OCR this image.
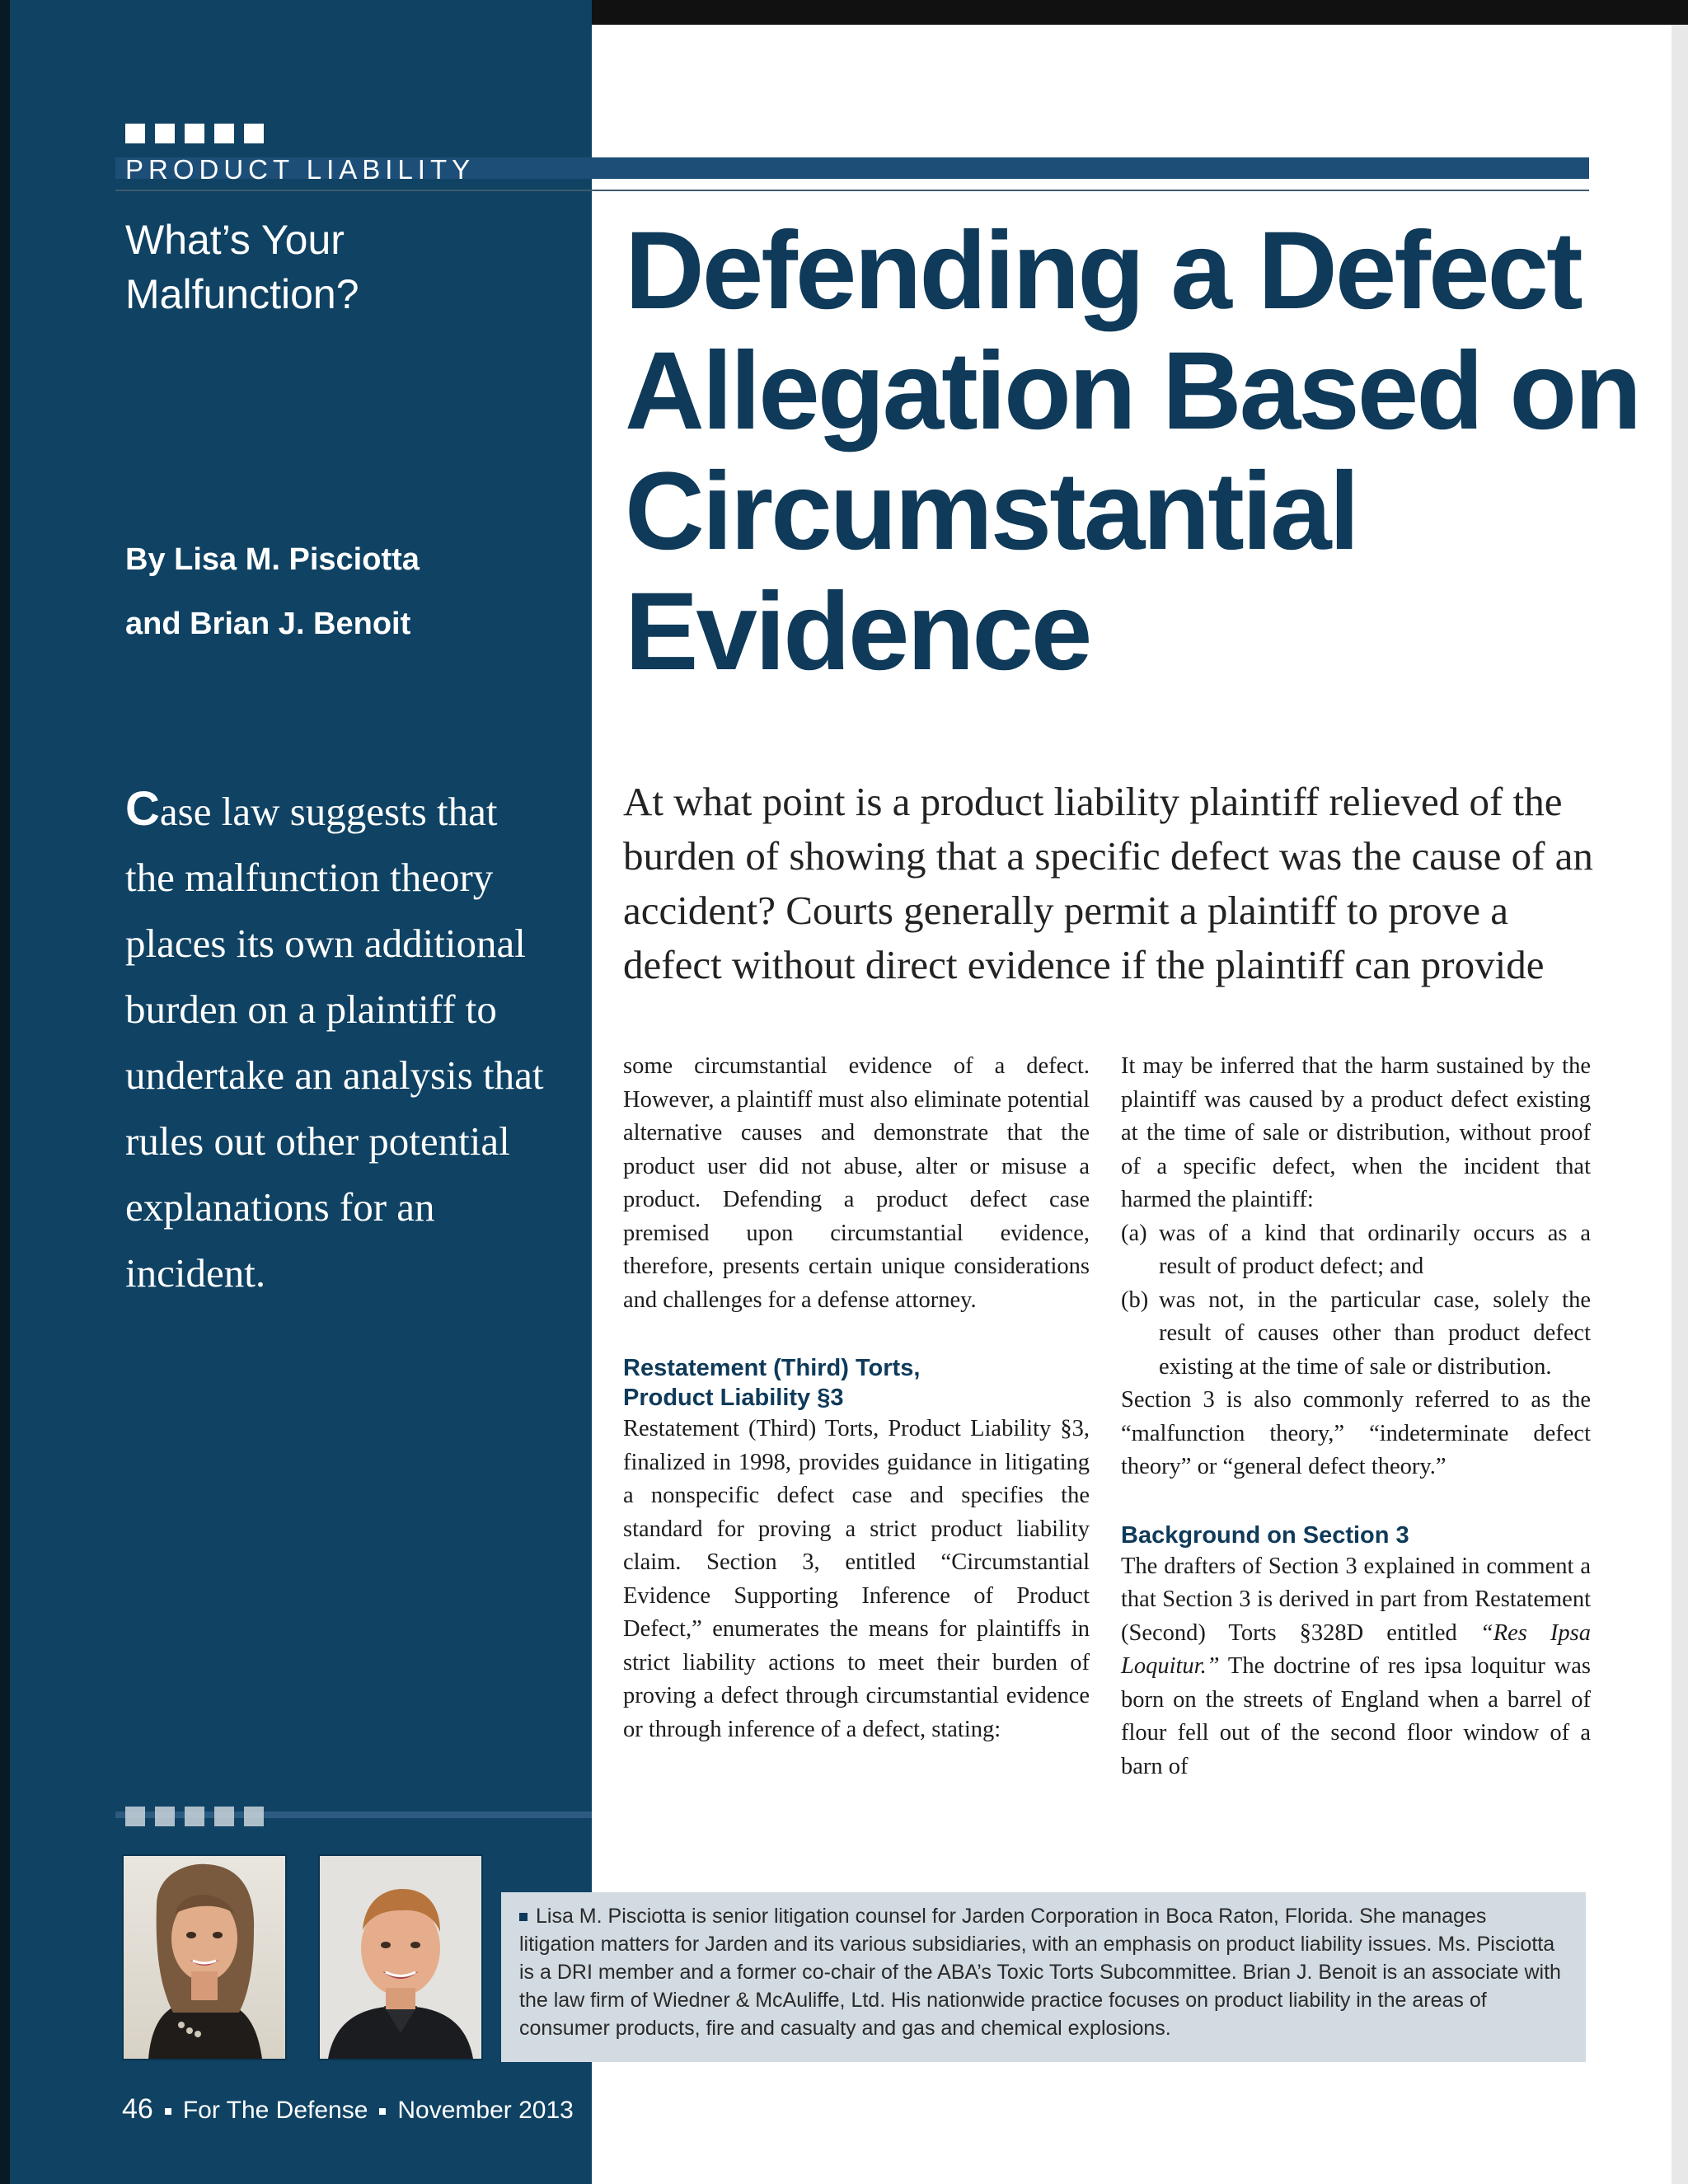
PRODUCT LIABILITY
What’s Your Malfunction?
By Lisa M. Pisciotta
and Brian J. Benoit
Case law suggests that the malfunction theory places its own additional burden on a plaintiff to undertake an analysis that rules out other potential explanations for an incident.
46 For The Defense November 2013
Defending a Defect Allegation Based on Circumstantial Evidence
At what point is a product liability plaintiff relieved of the burden of showing that a specific defect was the cause of an accident? Courts generally permit a plaintiff to prove a defect without direct evidence if the plaintiff can provide

some circumstantial evidence of a defect. However, a plaintiff must also eliminate potential alternative causes and demonstrate that the product user did not abuse, alter or misuse a product. Defending a product defect case premised upon circumstantial evidence, therefore, presents certain unique considerations and challenges for a defense attorney.

Restatement (Third) Torts,
Product Liability §3

Restatement (Third) Torts, Product Liability §3, finalized in 1998, provides guidance in litigating a nonspecific defect case and specifies the standard for proving a strict product liability claim. Section 3, entitled “Circumstantial Evidence Supporting Inference of Product Defect,” enumerates the means for plaintiffs in strict liability actions to meet their burden of proving a defect through circumstantial evidence or through inference of a defect, stating:

It may be inferred that the harm sustained by the plaintiff was caused by a product defect existing at the time of sale or distribution, without proof of a specific defect, when the incident that harmed the plaintiff:

(a) was of a kind that ordinarily occurs as a result of product defect; and
(b) was not, in the particular case, solely the result of causes other than product defect existing at the time of sale or distribution.

Section 3 is also commonly referred to as the “malfunction theory,” “indeterminate defect theory” or “general defect theory.”

Background on Section 3

The drafters of Section 3 explained in comment a that Section 3 is derived in part from Restatement (Second) Torts §328D entitled “Res Ipsa Loquitur.” The doctrine of res ipsa loquitur was born on the streets of England when a barrel of flour fell out of the second floor window of a barn of

Lisa M. Pisciotta is senior litigation counsel for Jarden Corporation in Boca Raton, Florida. She manages litigation matters for Jarden and its various subsidiaries, with an emphasis on product liability issues. Ms. Pisciotta is a DRI member and a former co-chair of the ABA’s Toxic Torts Subcommittee. Brian J. Benoit is an associate with the law firm of Wiedner & McAuliffe, Ltd. His nationwide practice focuses on product liability in the areas of consumer products, fire and casualty and gas and chemical explosions.
